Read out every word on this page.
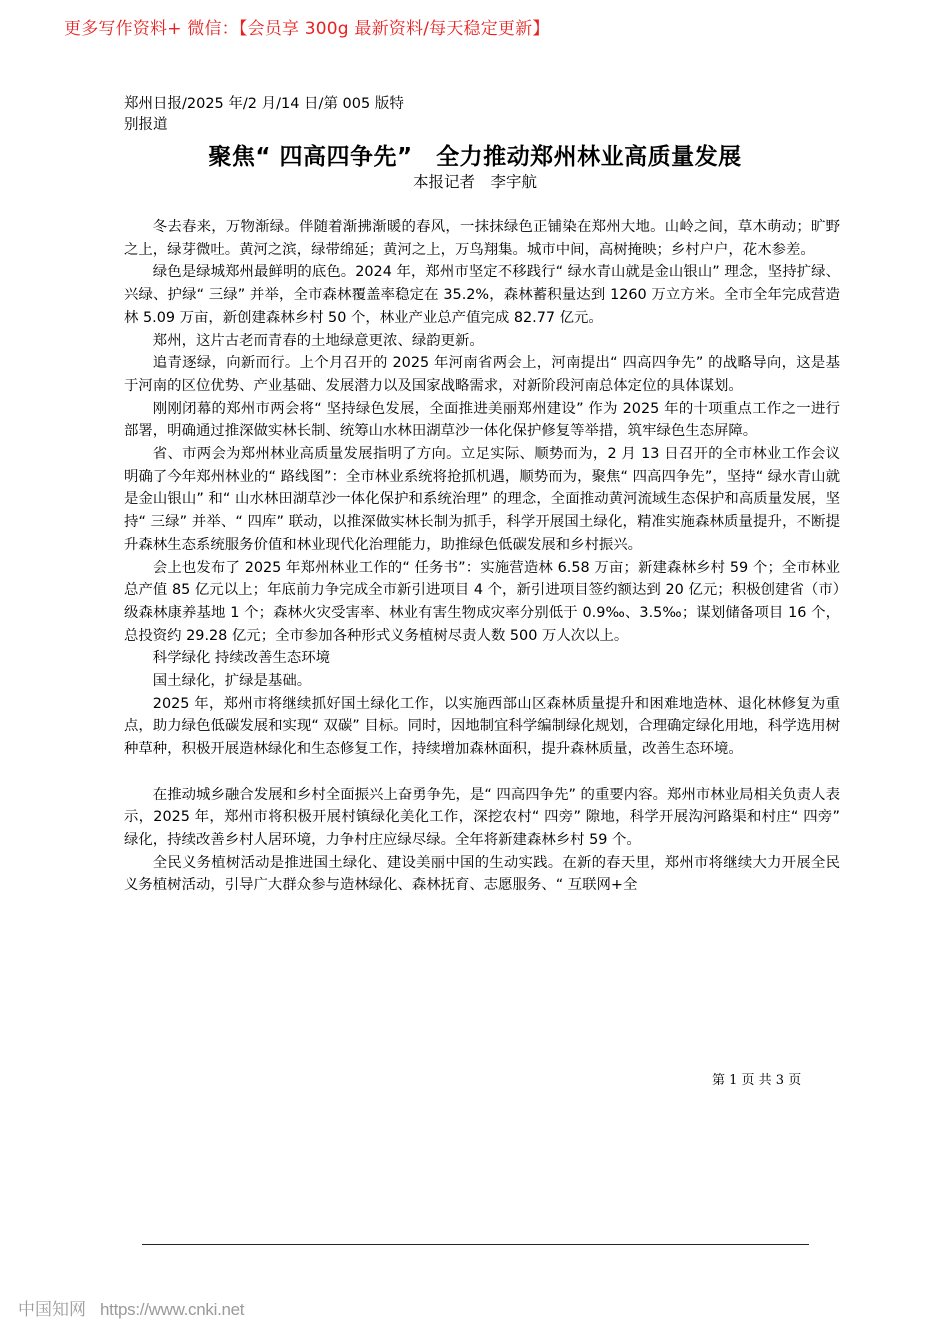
更多写作资料+ 微信：【会员享 300g 最新资料/每天稳定更新】
郑州日报/2025 年/2 月/14 日/第 005 版特别报道
聚焦“ 四高四争先”　全力推动郑州林业高质量发展
本报记者　李宇航

冬去春来，万物渐绿。伴随着渐拂渐暖的春风，一抹抹绿色正铺染在郑州大地。山岭之间，草木萌动；旷野之上，绿芽微吐。黄河之滨，绿带绵延；黄河之上，万鸟翔集。城市中间，高树掩映；乡村户户，花木参差。

绿色是绿城郑州最鲜明的底色。2024 年，郑州市坚定不移践行“ 绿水青山就是金山银山” 理念，坚持扩绿、兴绿、护绿“ 三绿” 并举，全市森林覆盖率稳定在 35.2%，森林蓄积量达到 1260 万立方米。全市全年完成营造林 5.09 万亩，新创建森林乡村 50 个，林业产业总产值完成 82.77 亿元。

郑州，这片古老而青春的土地绿意更浓、绿韵更新。

追青逐绿，向新而行。上个月召开的 2025 年河南省两会上，河南提出“ 四高四争先” 的战略导向，这是基于河南的区位优势、产业基础、发展潜力以及国家战略需求，对新阶段河南总体定位的具体谋划。

刚刚闭幕的郑州市两会将“ 坚持绿色发展，全面推进美丽郑州建设” 作为 2025 年的十项重点工作之一进行部署，明确通过推深做实林长制、统筹山水林田湖草沙一体化保护修复等举措，筑牢绿色生态屏障。

省、市两会为郑州林业高质量发展指明了方向。立足实际、顺势而为，2 月 13 日召开的全市林业工作会议明确了今年郑州林业的“ 路线图”：全市林业系统将抢抓机遇，顺势而为，聚焦“ 四高四争先”，坚持“ 绿水青山就是金山银山” 和“ 山水林田湖草沙一体化保护和系统治理” 的理念，全面推动黄河流域生态保护和高质量发展，坚持“ 三绿” 并举、“ 四库” 联动，以推深做实林长制为抓手，科学开展国土绿化，精准实施森林质量提升，不断提升森林生态系统服务价值和林业现代化治理能力，助推绿色低碳发展和乡村振兴。

会上也发布了 2025 年郑州林业工作的“ 任务书”：实施营造林 6.58 万亩；新建森林乡村 59 个；全市林业总产值 85 亿元以上；年底前力争完成全市新引进项目 4 个，新引进项目签约额达到 20 亿元；积极创建省（市）级森林康养基地 1 个；森林火灾受害率、林业有害生物成灾率分别低于 0.9‰、3.5‰；谋划储备项目 16 个，总投资约 29.28 亿元；全市参加各种形式义务植树尽责人数 500 万人次以上。

科学绿化 持续改善生态环境

国土绿化，扩绿是基础。

2025 年，郑州市将继续抓好国土绿化工作，以实施西部山区森林质量提升和困难地造林、退化林修复为重点，助力绿色低碳发展和实现“ 双碳” 目标。同时，因地制宜科学编制绿化规划，合理确定绿化用地，科学选用树种草种，积极开展造林绿化和生态修复工作，持续增加森林面积，提升森林质量，改善生态环境。

在推动城乡融合发展和乡村全面振兴上奋勇争先，是“ 四高四争先” 的重要内容。郑州市林业局相关负责人表示，2025 年，郑州市将积极开展村镇绿化美化工作，深挖农村“ 四旁” 隙地，科学开展沟河路渠和村庄“ 四旁” 绿化，持续改善乡村人居环境，力争村庄应绿尽绿。全年将新建森林乡村 59 个。

全民义务植树活动是推进国土绿化、建设美丽中国的生动实践。在新的春天里，郑州市将继续大力开展全民义务植树活动，引导广大群众参与造林绿化、森林抚育、志愿服务、“ 互联网+全

第 1 页 共 3 页
中国知网 https://www.cnki.net
